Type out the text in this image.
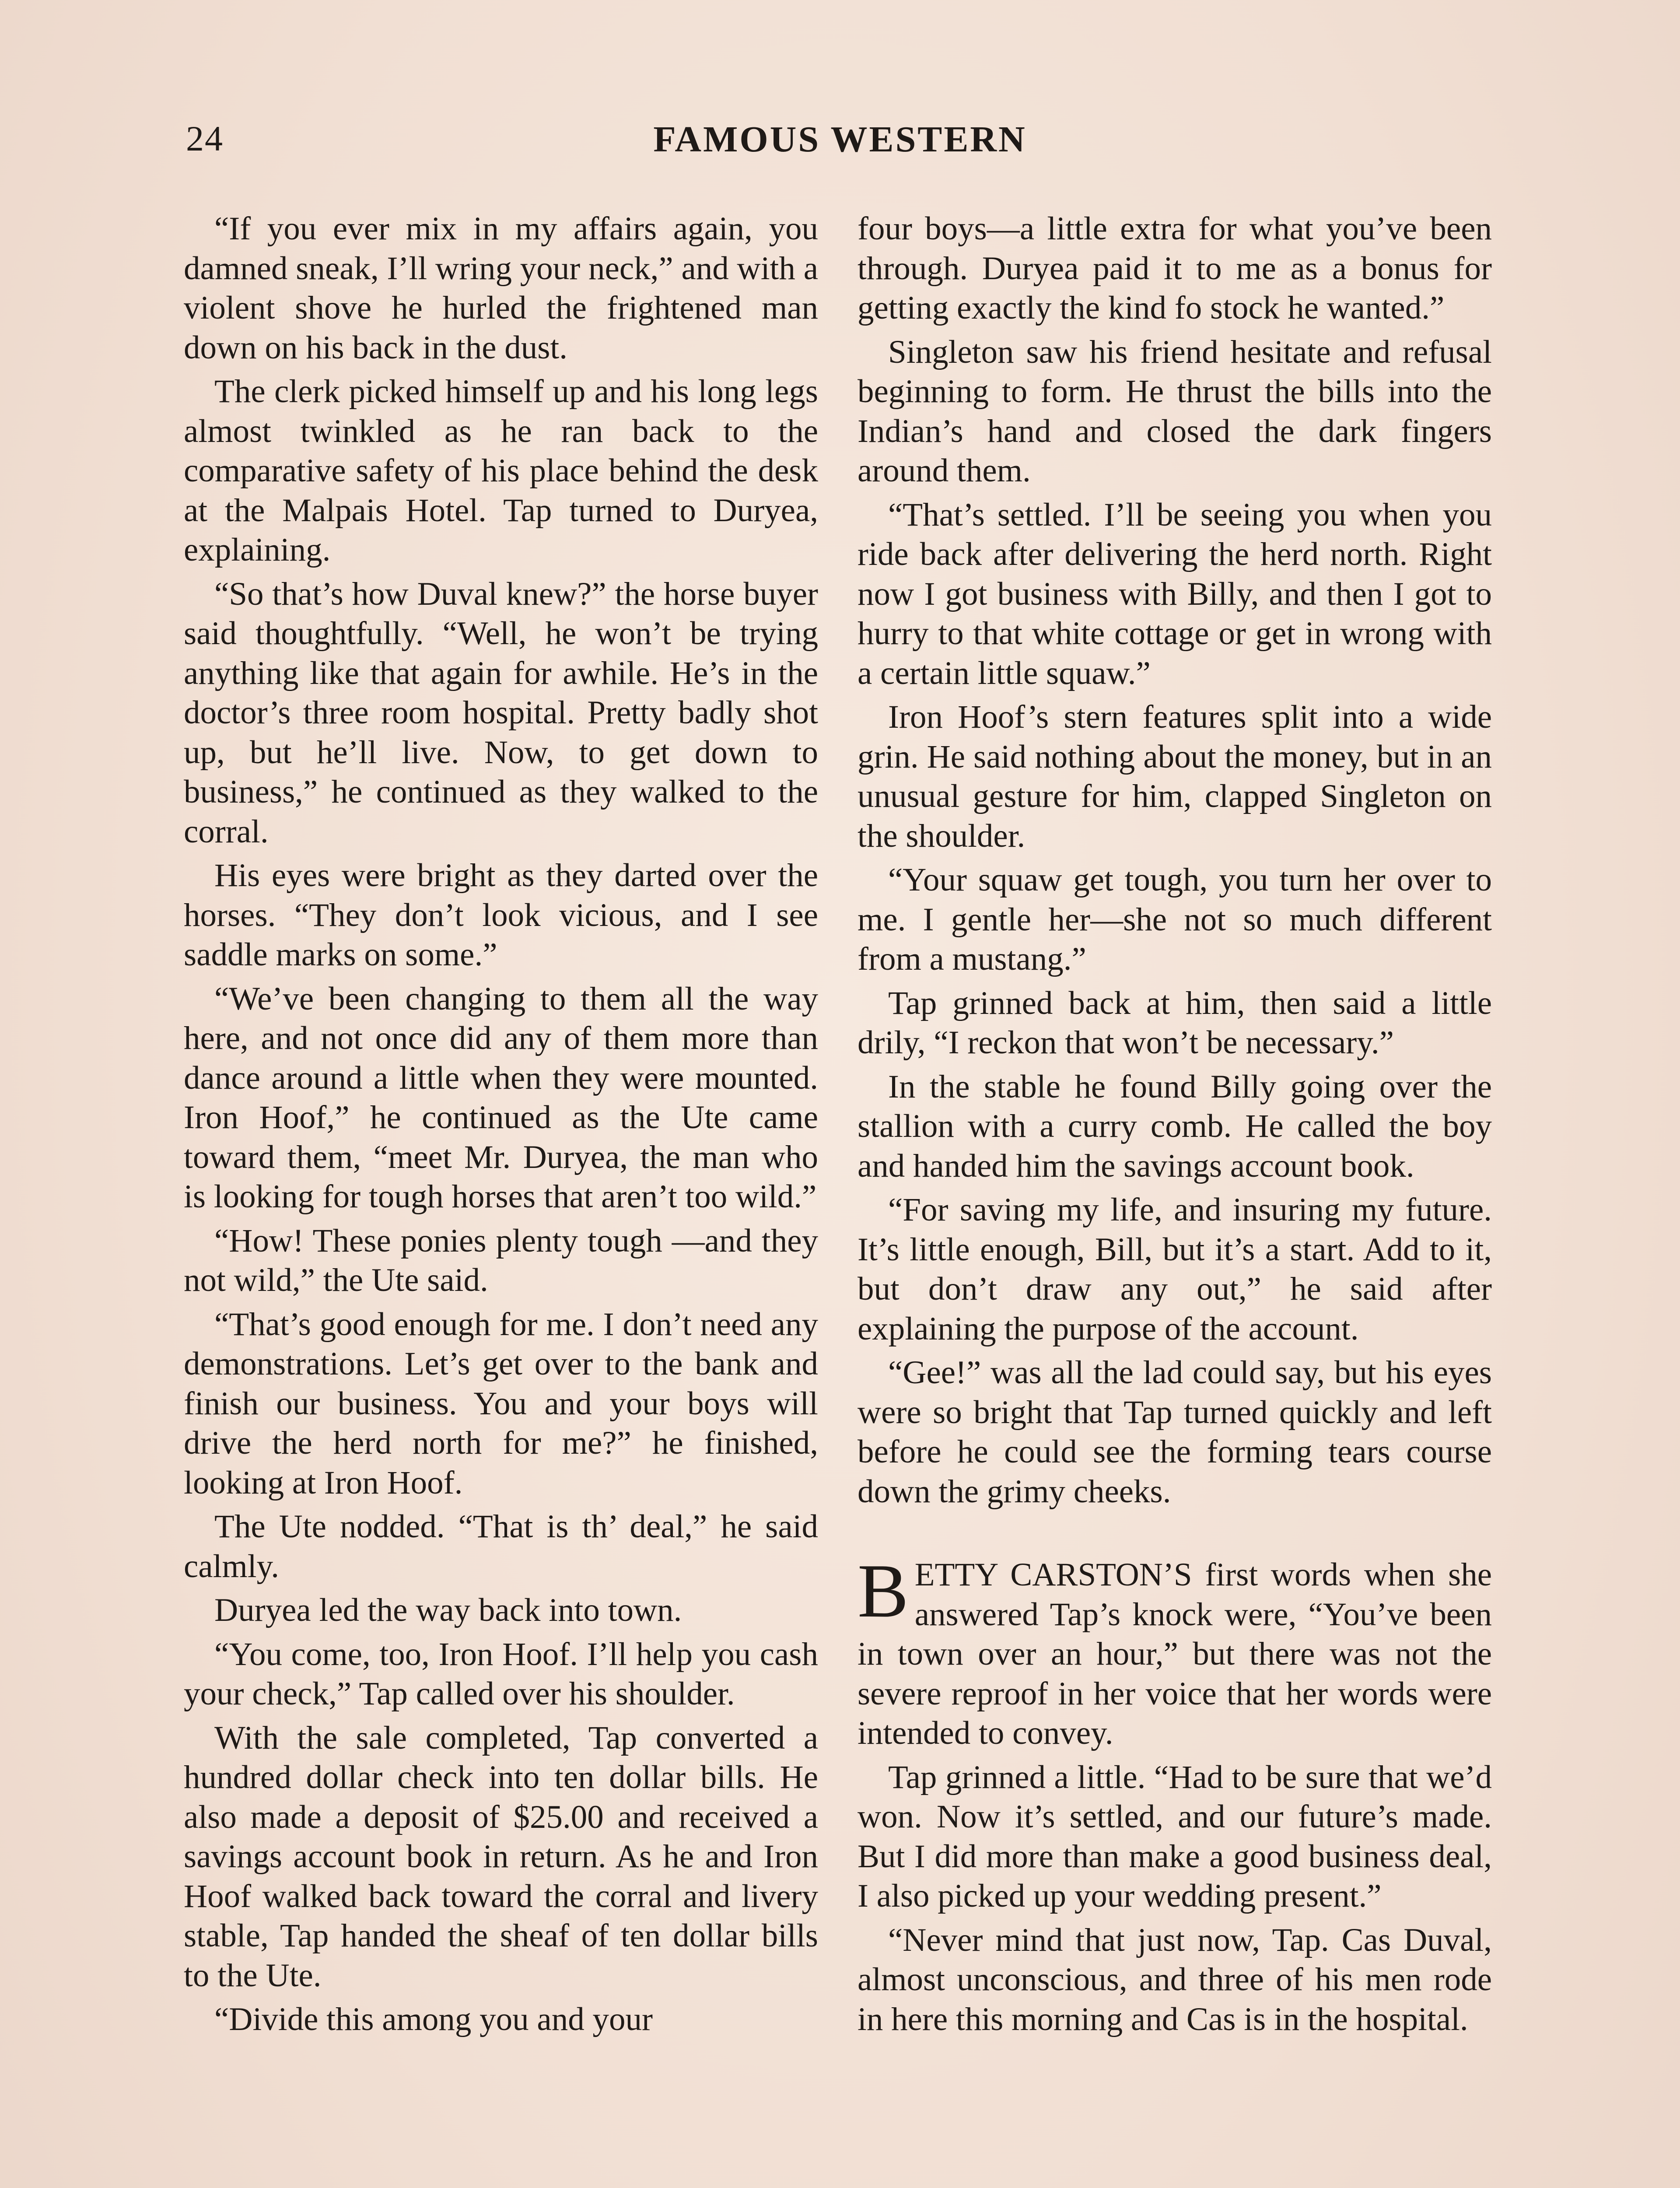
24	FAMOUS WESTERN

“If you ever mix in my affairs again, you damned sneak, I’ll wring your neck,” and with a violent shove he hurled the frightened man down on his back in the dust.

The clerk picked himself up and his long legs almost twinkled as he ran back to the comparative safety of his place behind the desk at the Malpais Hotel. Tap turned to Duryea, explaining.

“So that’s how Duval knew?” the horse buyer said thoughtfully. “Well, he won’t be trying anything like that again for awhile. He’s in the doctor’s three room hospital. Pretty badly shot up, but he’ll live. Now, to get down to business,” he continued as they walked to the corral.

His eyes were bright as they darted over the horses. “They don’t look vicious, and I see saddle marks on some.”

“We’ve been changing to them all the way here, and not once did any of them more than dance around a little when they were mounted. Iron Hoof,” he continued as the Ute came toward them, “meet Mr. Duryea, the man who is looking for tough horses that aren’t too wild.”

“How! These ponies plenty tough —and they not wild,” the Ute said.

“That’s good enough for me. I don’t need any demonstrations. Let’s get over to the bank and finish our business. You and your boys will drive the herd north for me?” he finished, looking at Iron Hoof.

The Ute nodded. “That is th’ deal,” he said calmly.

Duryea led the way back into town.

“You come, too, Iron Hoof. I’ll help you cash your check,” Tap called over his shoulder.

With the sale completed, Tap converted a hundred dollar check into ten dollar bills. He also made a deposit of $25.00 and received a savings account book in return. As he and Iron Hoof walked back toward the corral and livery stable, Tap handed the sheaf of ten dollar bills to the Ute.

“Divide this among you and your

four boys—a little extra for what you’ve been through. Duryea paid it to me as a bonus for getting exactly the kind fo stock he wanted.”

Singleton saw his friend hesitate and refusal beginning to form. He thrust the bills into the Indian’s hand and closed the dark fingers around them.

“That’s settled. I’ll be seeing you when you ride back after delivering the herd north. Right now I got business with Billy, and then I got to hurry to that white cottage or get in wrong with a certain little squaw.”

Iron Hoof’s stern features split into a wide grin. He said nothing about the money, but in an unusual gesture for him, clapped Singleton on the shoulder.

“Your squaw get tough, you turn her over to me. I gentle her—she not so much different from a mustang.”

Tap grinned back at him, then said a little drily, “I reckon that won’t be necessary.”

In the stable he found Billy going over the stallion with a curry comb. He called the boy and handed him the savings account book.

“For saving my life, and insuring my future. It’s little enough, Bill, but it’s a start. Add to it, but don’t draw any out,” he said after explaining the purpose of the account.

“Gee!” was all the lad could say, but his eyes were so bright that Tap turned quickly and left before he could see the forming tears course down the grimy cheeks.

BETTY CARSTON’S first words when she answered Tap’s knock were, “You’ve been in town over an hour,” but there was not the severe reproof in her voice that her words were intended to convey.

Tap grinned a little. “Had to be sure that we’d won. Now it’s settled, and our future’s made. But I did more than make a good business deal, I also picked up your wedding present.”

“Never mind that just now, Tap. Cas Duval, almost unconscious, and three of his men rode in here this morning and Cas is in the hospital.
